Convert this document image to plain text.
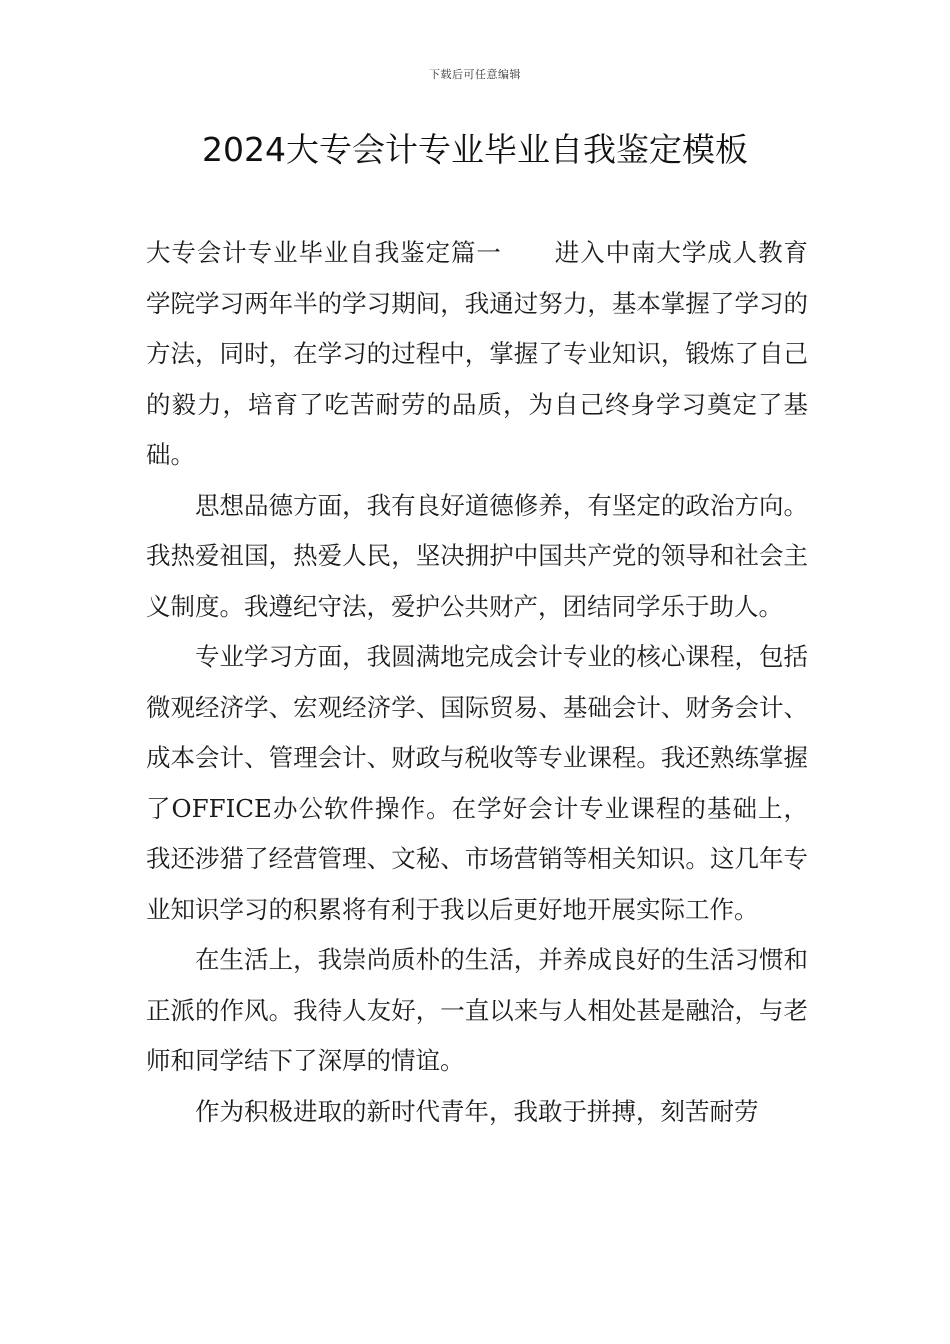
下载后可任意编辑
2024大专会计专业毕业自我鉴定模板

大专会计专业毕业自我鉴定篇一 进入中南大学成人教育学院学习两年半的学习期间，我通过努力，基本掌握了学习的方法，同时，在学习的过程中，掌握了专业知识，锻炼了自己的毅力，培育了吃苦耐劳的品质，为自己终身学习奠定了基础。

思想品德方面，我有良好道德修养，有坚定的政治方向。我热爱祖国，热爱人民，坚决拥护中国共产党的领导和社会主义制度。我遵纪守法，爱护公共财产，团结同学乐于助人。

专业学习方面，我圆满地完成会计专业的核心课程，包括微观经济学、宏观经济学、国际贸易、基础会计、财务会计、成本会计、管理会计、财政与税收等专业课程。我还熟练掌握了OFFICE办公软件操作。在学好会计专业课程的基础上，我还涉猎了经营管理、文秘、市场营销等相关知识。这几年专业知识学习的积累将有利于我以后更好地开展实际工作。

在生活上，我崇尚质朴的生活，并养成良好的生活习惯和正派的作风。我待人友好，一直以来与人相处甚是融洽，与老师和同学结下了深厚的情谊。

作为积极进取的新时代青年，我敢于拼搏，刻苦耐劳
